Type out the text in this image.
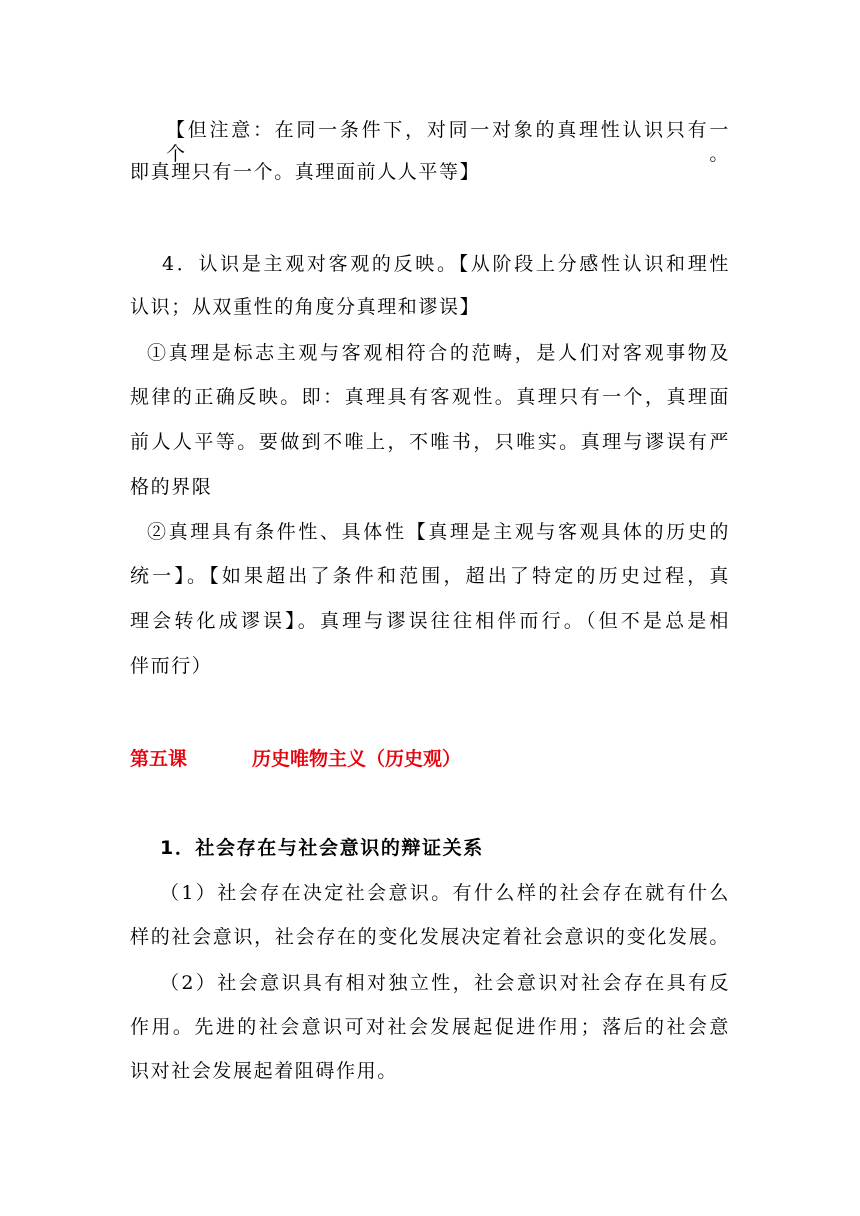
【但注意：在同一条件下，对同一对象的真理性认识只有一个。
即真理只有一个。真理面前人人平等】
4．认识是主观对客观的反映。【从阶段上分感性认识和理性
认识；从双重性的角度分真理和谬误】
①真理是标志主观与客观相符合的范畴，是人们对客观事物及
规律的正确反映。即：真理具有客观性。真理只有一个，真理面
前人人平等。要做到不唯上，不唯书，只唯实。真理与谬误有严
格的界限
②真理具有条件性、具体性【真理是主观与客观具体的历史的
统一】。【如果超出了条件和范围，超出了特定的历史过程，真
理会转化成谬误】。真理与谬误往往相伴而行。（但不是总是相
伴而行）
第五课	历史唯物主义（历史观）
1．社会存在与社会意识的辩证关系
（1）社会存在决定社会意识。有什么样的社会存在就有什么
样的社会意识，社会存在的变化发展决定着社会意识的变化发展。
（2）社会意识具有相对独立性，社会意识对社会存在具有反
作用。先进的社会意识可对社会发展起促进作用；落后的社会意
识对社会发展起着阻碍作用。
